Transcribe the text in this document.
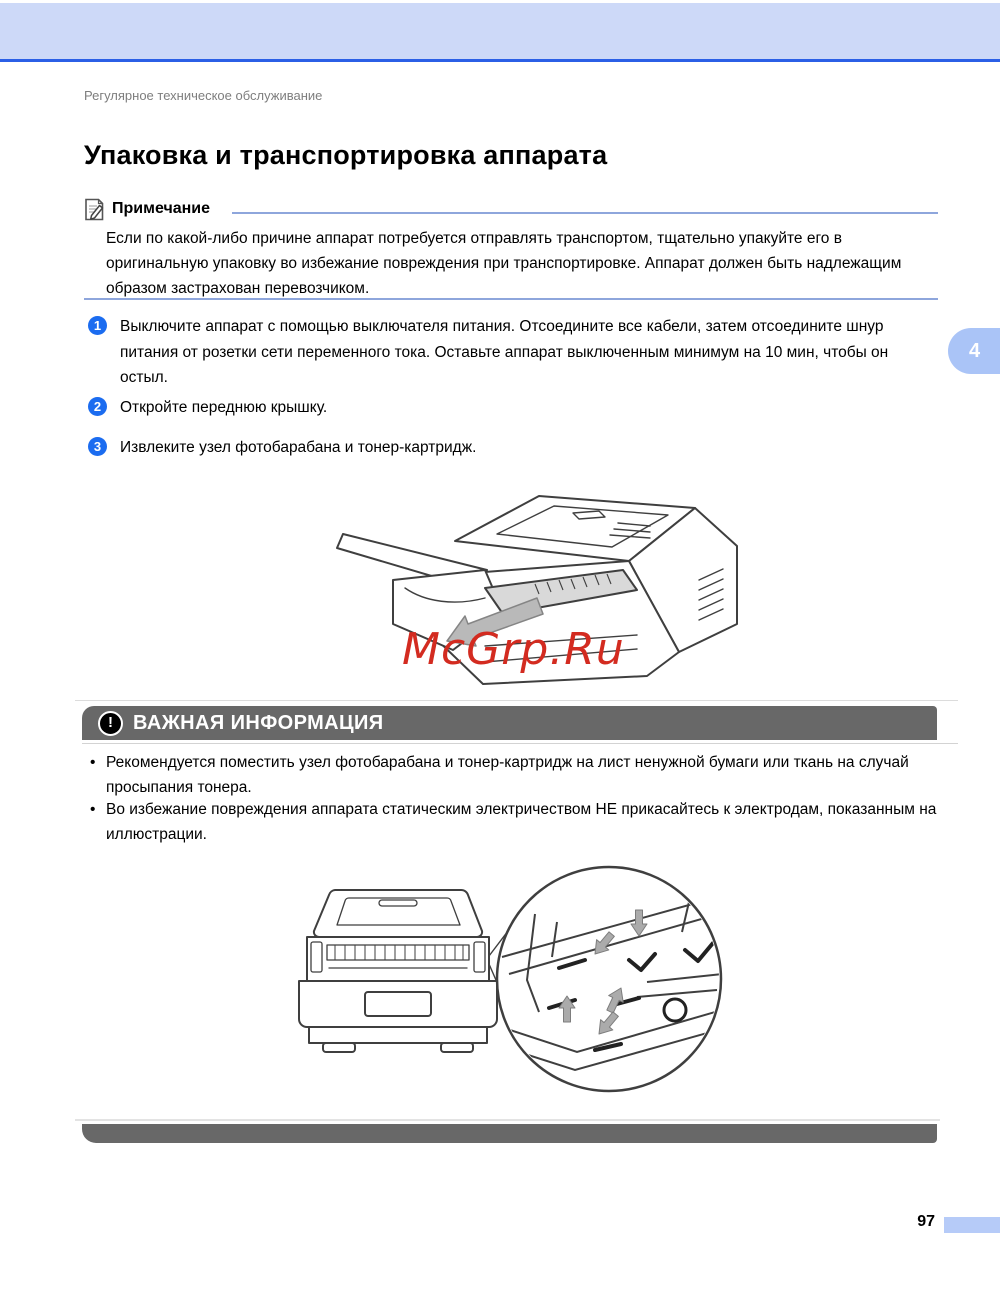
Регулярное техническое обслуживание
Упаковка и транспортировка аппарата
Примечание
Если по какой-либо причине аппарат потребуется отправлять транспортом, тщательно упакуйте его в оригинальную упаковку во избежание повреждения при транспортировке. Аппарат должен быть надлежащим образом застрахован перевозчиком.
1	Выключите аппарат с помощью выключателя питания. Отсоедините все кабели, затем отсоедините шнур питания от розетки сети переменного тока. Оставьте аппарат выключенным минимум на 10 мин, чтобы он остыл.
2	Откройте переднюю крышку.
3	Извлеките узел фотобарабана и тонер-картридж.
4
McGrp.Ru
!	ВАЖНАЯ ИНФОРМАЦИЯ
• Рекомендуется поместить узел фотобарабана и тонер-картридж на лист ненужной бумаги или ткань на случай просыпания тонера.
• Во избежание повреждения аппарата статическим электричеством НЕ прикасайтесь к электродам, показанным на иллюстрации.
97
